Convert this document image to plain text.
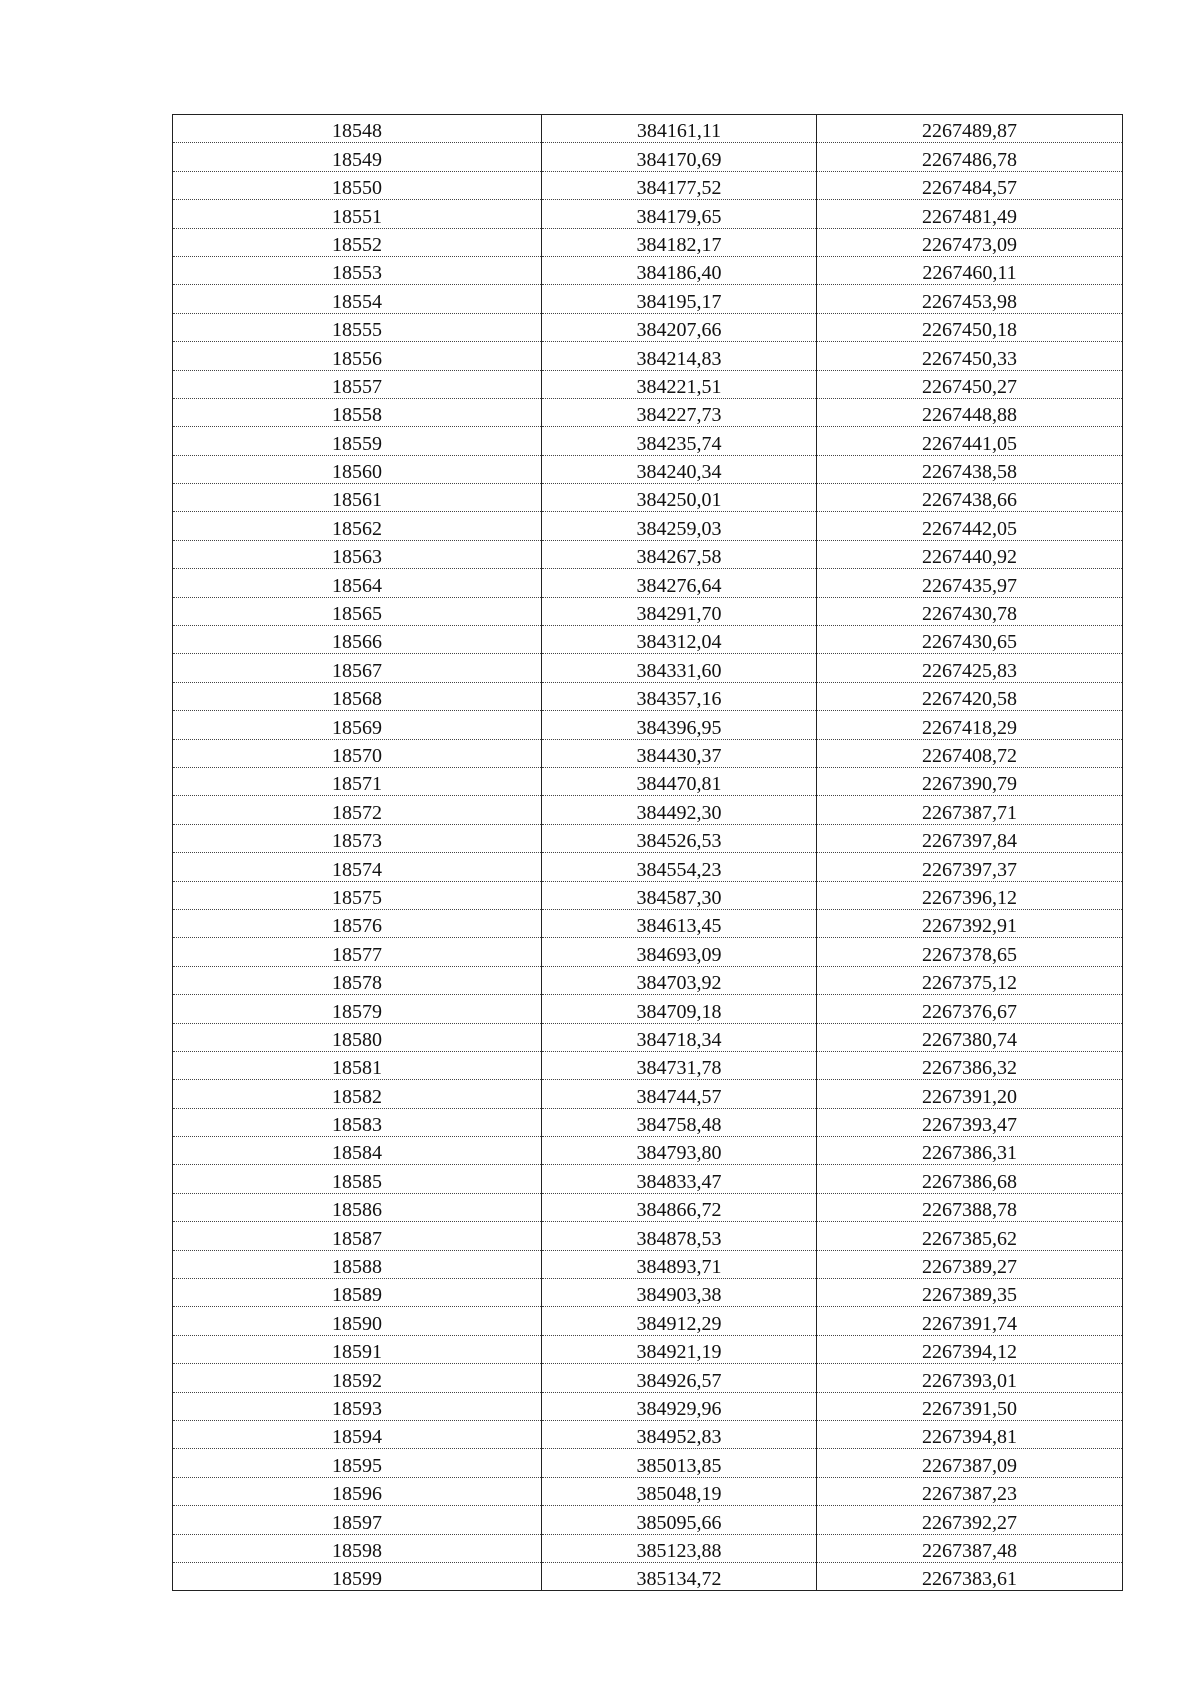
18548	384161,11	2267489,87
18549	384170,69	2267486,78
18550	384177,52	2267484,57
18551	384179,65	2267481,49
18552	384182,17	2267473,09
18553	384186,40	2267460,11
18554	384195,17	2267453,98
18555	384207,66	2267450,18
18556	384214,83	2267450,33
18557	384221,51	2267450,27
18558	384227,73	2267448,88
18559	384235,74	2267441,05
18560	384240,34	2267438,58
18561	384250,01	2267438,66
18562	384259,03	2267442,05
18563	384267,58	2267440,92
18564	384276,64	2267435,97
18565	384291,70	2267430,78
18566	384312,04	2267430,65
18567	384331,60	2267425,83
18568	384357,16	2267420,58
18569	384396,95	2267418,29
18570	384430,37	2267408,72
18571	384470,81	2267390,79
18572	384492,30	2267387,71
18573	384526,53	2267397,84
18574	384554,23	2267397,37
18575	384587,30	2267396,12
18576	384613,45	2267392,91
18577	384693,09	2267378,65
18578	384703,92	2267375,12
18579	384709,18	2267376,67
18580	384718,34	2267380,74
18581	384731,78	2267386,32
18582	384744,57	2267391,20
18583	384758,48	2267393,47
18584	384793,80	2267386,31
18585	384833,47	2267386,68
18586	384866,72	2267388,78
18587	384878,53	2267385,62
18588	384893,71	2267389,27
18589	384903,38	2267389,35
18590	384912,29	2267391,74
18591	384921,19	2267394,12
18592	384926,57	2267393,01
18593	384929,96	2267391,50
18594	384952,83	2267394,81
18595	385013,85	2267387,09
18596	385048,19	2267387,23
18597	385095,66	2267392,27
18598	385123,88	2267387,48
18599	385134,72	2267383,61
